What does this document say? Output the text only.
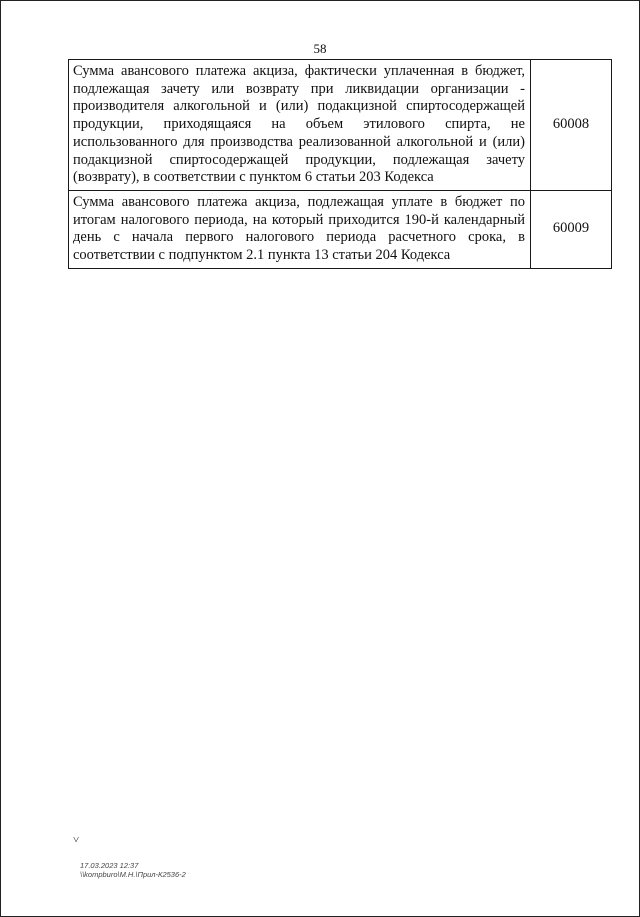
58
Сумма авансового платежа акциза, фактически уплаченная в бюджет, подлежащая зачету или возврату при ликвидации организации - производителя алкогольной и (или) подакцизной спиртосодержащей продукции, приходящаяся на объем этилового спирта, не использованного для производства реализованной алкогольной и (или) подакцизной спиртосодержащей продукции, подлежащая зачету (возврату), в соответствии с пунктом 6 статьи 203 Кодекса	60008
Сумма авансового платежа акциза, подлежащая уплате в бюджет по итогам налогового периода, на который приходится 190-й календарный день с начала первого налогового периода расчетного срока, в соответствии с подпунктом 2.1 пункта 13 статьи 204 Кодекса	60009
˅
17.03.2023 12:37
\\kompburo\М.Н.\Прил-К2536-2
